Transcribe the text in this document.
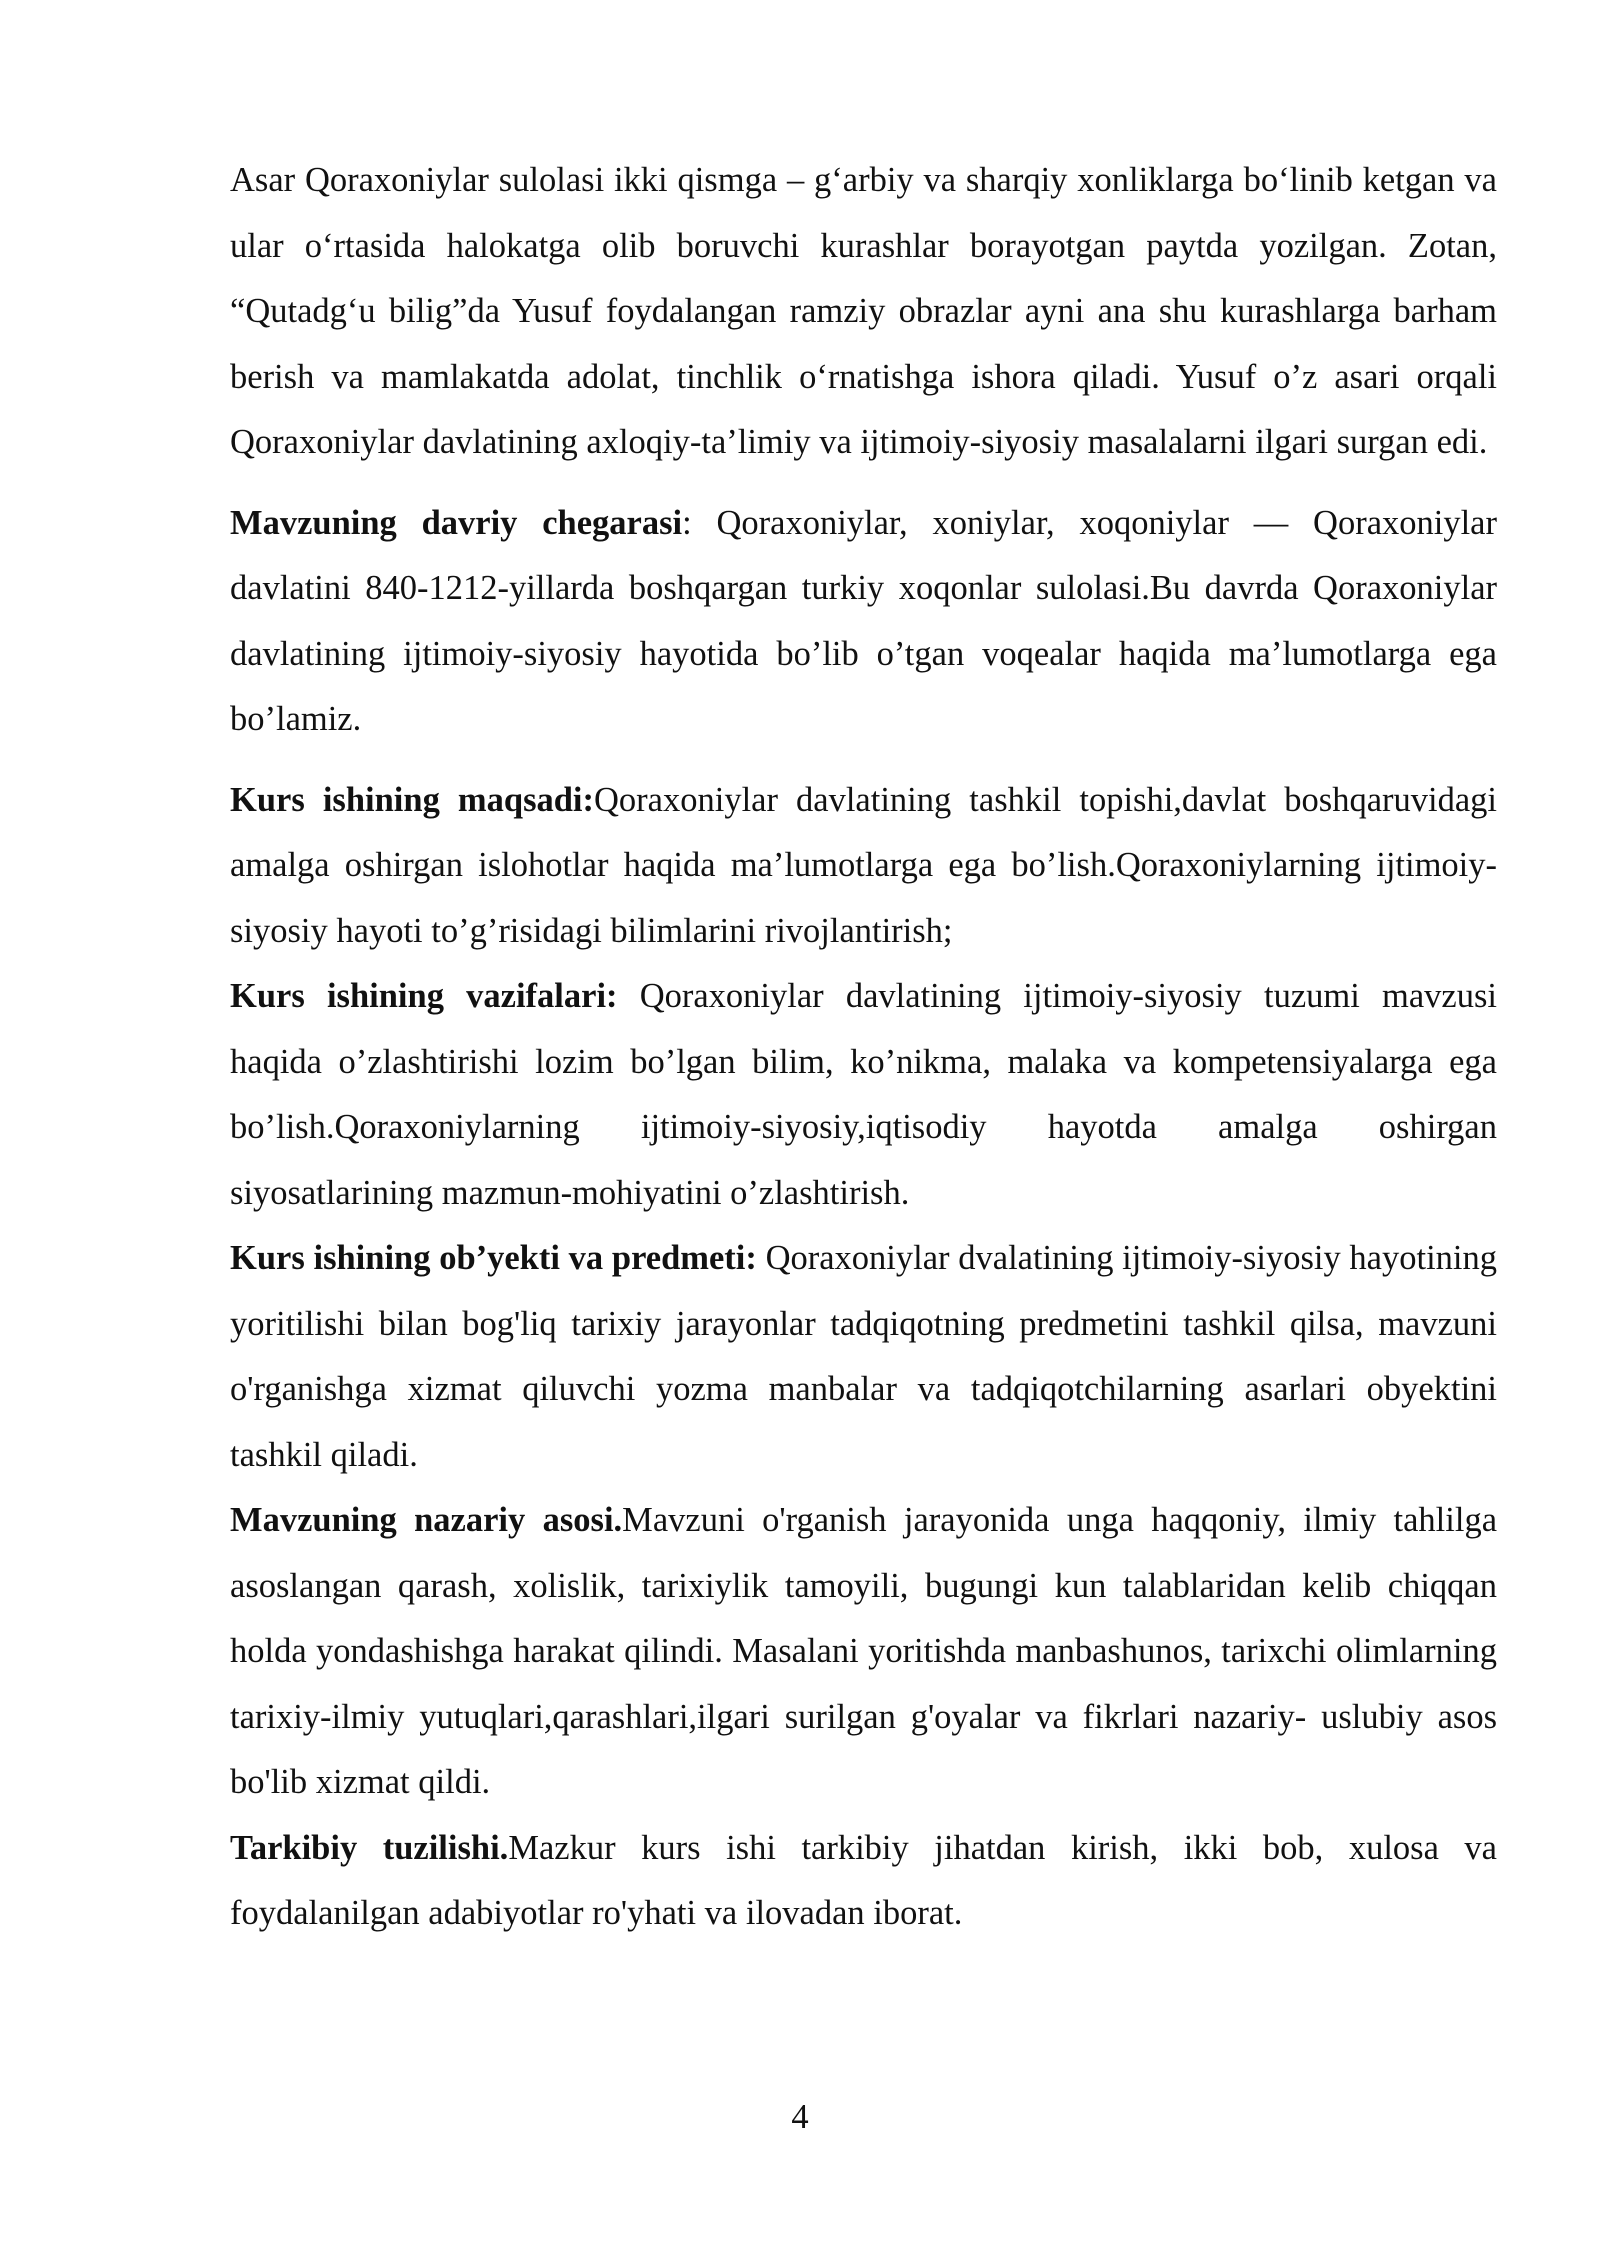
Asar Qoraxoniylar sulolasi ikki qismga – g‘arbiy va sharqiy xonliklarga bo‘linib ketgan va ular o‘rtasida halokatga olib boruvchi kurashlar borayotgan paytda yozilgan. Zotan, “Qutadg‘u bilig”da Yusuf foydalangan ramziy obrazlar ayni ana shu kurashlarga barham berish va mamlakatda adolat, tinchlik o‘rnatishga ishora qiladi. Yusuf o’z asari orqali Qoraxoniylar davlatining axloqiy-ta’limiy va ijtimoiy-siyosiy masalalarni ilgari surgan edi.

Mavzuning davriy chegarasi: Qoraxoniylar, xoniylar, xoqoniylar — Qoraxoniylar davlatini 840-1212-yillarda boshqargan turkiy xoqonlar sulolasi.Bu davrda Qoraxoniylar davlatining ijtimoiy-siyosiy hayotida bo’lib o’tgan voqealar haqida ma’lumotlarga ega bo’lamiz.

Kurs ishining maqsadi:Qoraxoniylar davlatining tashkil topishi,davlat boshqaruvidagi amalga oshirgan islohotlar haqida ma’lumotlarga ega bo’lish.Qoraxoniylarning ijtimoiy-siyosiy hayoti to’g’risidagi bilimlarini rivojlantirish;

Kurs ishining vazifalari: Qoraxoniylar davlatining ijtimoiy-siyosiy tuzumi mavzusi haqida o’zlashtirishi lozim bo’lgan bilim, ko’nikma, malaka va kompetensiyalarga ega bo’lish.Qoraxoniylarning ijtimoiy-siyosiy,iqtisodiy hayotda amalga oshirgan siyosatlarining mazmun-mohiyatini o’zlashtirish.

Kurs ishining ob’yekti va predmeti: Qoraxoniylar dvalatining ijtimoiy-siyosiy hayotining yoritilishi bilan bog'liq tarixiy jarayonlar tadqiqotning predmetini tashkil qilsa, mavzuni o'rganishga xizmat qiluvchi yozma manbalar va tadqiqotchilarning asarlari obyektini tashkil qiladi.

Mavzuning nazariy asosi.Mavzuni o'rganish jarayonida unga haqqoniy, ilmiy tahlilga asoslangan qarash, xolislik, tarixiylik tamoyili, bugungi kun talablaridan kelib chiqqan holda yondashishga harakat qilindi. Masalani yoritishda manbashunos, tarixchi olimlarning tarixiy-ilmiy yutuqlari,qarashlari,ilgari surilgan g'oyalar va fikrlari nazariy- uslubiy asos bo'lib xizmat qildi.

Tarkibiy tuzilishi.Mazkur kurs ishi tarkibiy jihatdan kirish, ikki bob, xulosa va foydalanilgan adabiyotlar ro'yhati va ilovadan iborat.

4
